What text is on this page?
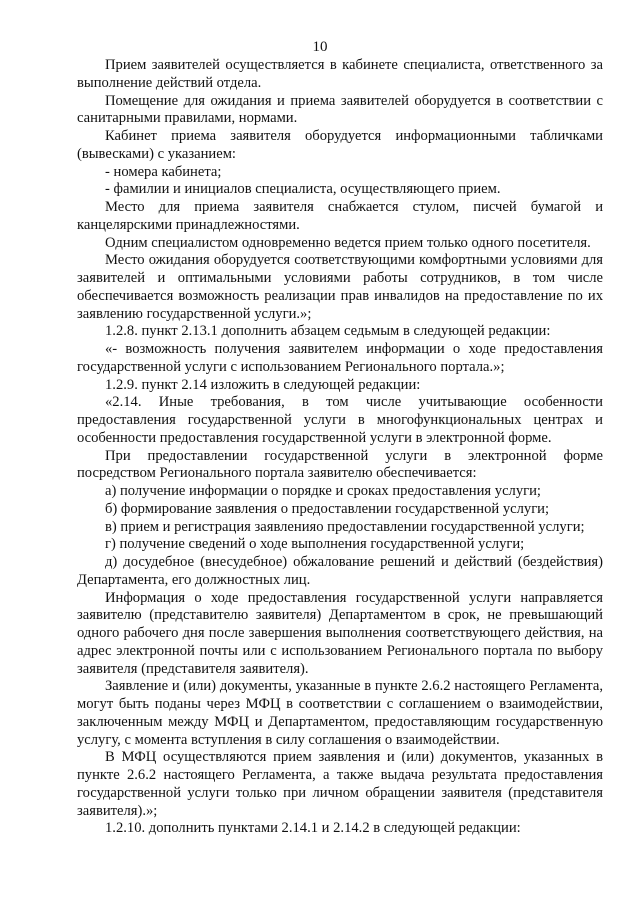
10

Прием заявителей осуществляется в кабинете специалиста, ответственного за выполнение действий отдела.

Помещение для ожидания и приема заявителей оборудуется в соответствии с санитарными правилами, нормами.

Кабинет приема заявителя оборудуется информационными табличками (вывесками) с указанием:

- номера кабинета;

- фамилии и инициалов специалиста, осуществляющего прием.

Место для приема заявителя снабжается стулом, писчей бумагой и канцелярскими принадлежностями.

Одним специалистом одновременно ведется прием только одного посетителя.

Место ожидания оборудуется соответствующими комфортными условиями для заявителей и оптимальными условиями работы сотрудников, в том числе обеспечивается возможность реализации прав инвалидов на предоставление по их заявлению государственной услуги.»;

1.2.8. пункт 2.13.1 дополнить абзацем седьмым в следующей редакции:

«- возможность получения заявителем информации о ходе предоставления государственной услуги с использованием Регионального портала.»;

1.2.9. пункт 2.14 изложить в следующей редакции:

«2.14. Иные требования, в том числе учитывающие особенности предоставления государственной услуги в многофункциональных центрах и особенности предоставления государственной услуги в электронной форме.

При предоставлении государственной услуги в электронной форме посредством Регионального портала заявителю обеспечивается:

а) получение информации о порядке и сроках предоставления услуги;

б) формирование заявления о предоставлении государственной услуги;

в) прием и регистрация заявленияо предоставлении государственной услуги;

г) получение сведений о ходе выполнения государственной услуги;

д) досудебное (внесудебное) обжалование решений и действий (бездействия) Департамента, его должностных лиц.

Информация о ходе предоставления государственной услуги направляется заявителю (представителю заявителя) Департаментом в срок, не превышающий одного рабочего дня после завершения выполнения соответствующего действия, на адрес электронной почты или с использованием Регионального портала по выбору заявителя (представителя заявителя).

Заявление и (или) документы, указанные в пункте 2.6.2 настоящего Регламента, могут быть поданы через МФЦ в соответствии с соглашением о взаимодействии, заключенным между МФЦ и Департаментом, предоставляющим государственную услугу, с момента вступления в силу соглашения о взаимодействии.

В МФЦ осуществляются прием заявления и (или) документов, указанных в пункте 2.6.2 настоящего Регламента, а также выдача результата предоставления государственной услуги только при личном обращении заявителя (представителя заявителя).»;

1.2.10. дополнить пунктами 2.14.1 и 2.14.2 в следующей редакции:
